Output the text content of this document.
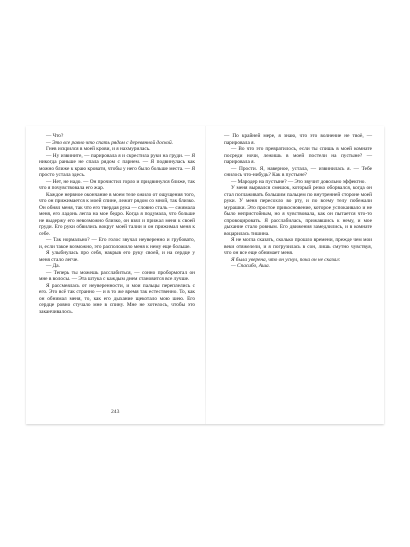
— Что?

— Это все равно что спать рядом с деревянной доской.

Гнев искрился в моей крови, и я нахмурилась.

— Ну извините, — парировала я и скрестила руки на груди. — Я никогда раньше не спала рядом с парнем. — Я подвинулась как можно ближе к краю кровати, чтобы у него было больше места. — Я просто устала здесь.

— Нет, не надо. — Он прочистил горло и придвинулся ближе, так что я почувствовала его жар.

Каждое нервное окончание в моем теле ожило от ощущения того, что он прижимается к моей спине, лежит рядом со мной, так близко. Он обнял меня, так что его твердая рука — словно сталь — сжимала меня, его ладонь легла на мое бедро. Когда я подумала, что больше не выдержу его невозможно близко, он взял и прижал меня к своей груди. Его руки обвились вокруг моей талии и он прижимал меня к себе.

— Так нормально? — Его голос звучал неуверенно и грубовато, и, если такое возможно, это расположило меня к нему еще больше.

Я улыбнулась про себя, накрыв его руку своей, и на сердце у меня стало легче.

— Да.

— Теперь ты можешь расслабиться, — сонно пробормотал он мне в волосы. — Эта штука с каждым днем становится все лучше.

Я рассмеялась от неуверенности, и мои пальцы переплелись с его. Это всё так странно — и в то же время так естественно. То, как он обнимал меня, то, как его дыхание щекотало мою шею. Его сердце ровно стучало мне в спину. Мне не хотелось, чтобы это заканчивалось.

243

— По крайней мере, я знаю, что это волнение не твоё, — парировала я.

— Во что это превратилось, если ты спишь в моей комнате посреди ночи, лежишь в моей постели на пустыне? — парировала я.

— Прости. Я, наверное, устала, — извинилась я. — Тебе снилось что-нибудь? Как в пустыне?

— Мародер на пустыне? — Это звучит довольно эффектно.

У меня вырвался смешок, который резко оборвался, когда он стал поглаживать большим пальцем по внутренней стороне моей руки. У меня пересохло во рту, и по всему телу побежали мурашки. Это простое прикосновение, которое успокаивало и не было непристойным, но я чувствовала, как он пытается что-то спровоцировать. Я расслабилась, прижавшись к нему, и мое дыхание стало ровным. Его движения замедлились, и в комнате воцарилась тишина.

Я не могла сказать, сколько прошло времени, прежде чем мои веки отяжелели, и я погрузилась в сон, лишь смутно чувствуя, что он все еще обнимает меня.

Я была уверена, что он уснул, пока он не сказал:

— Спасибо, Аша.
